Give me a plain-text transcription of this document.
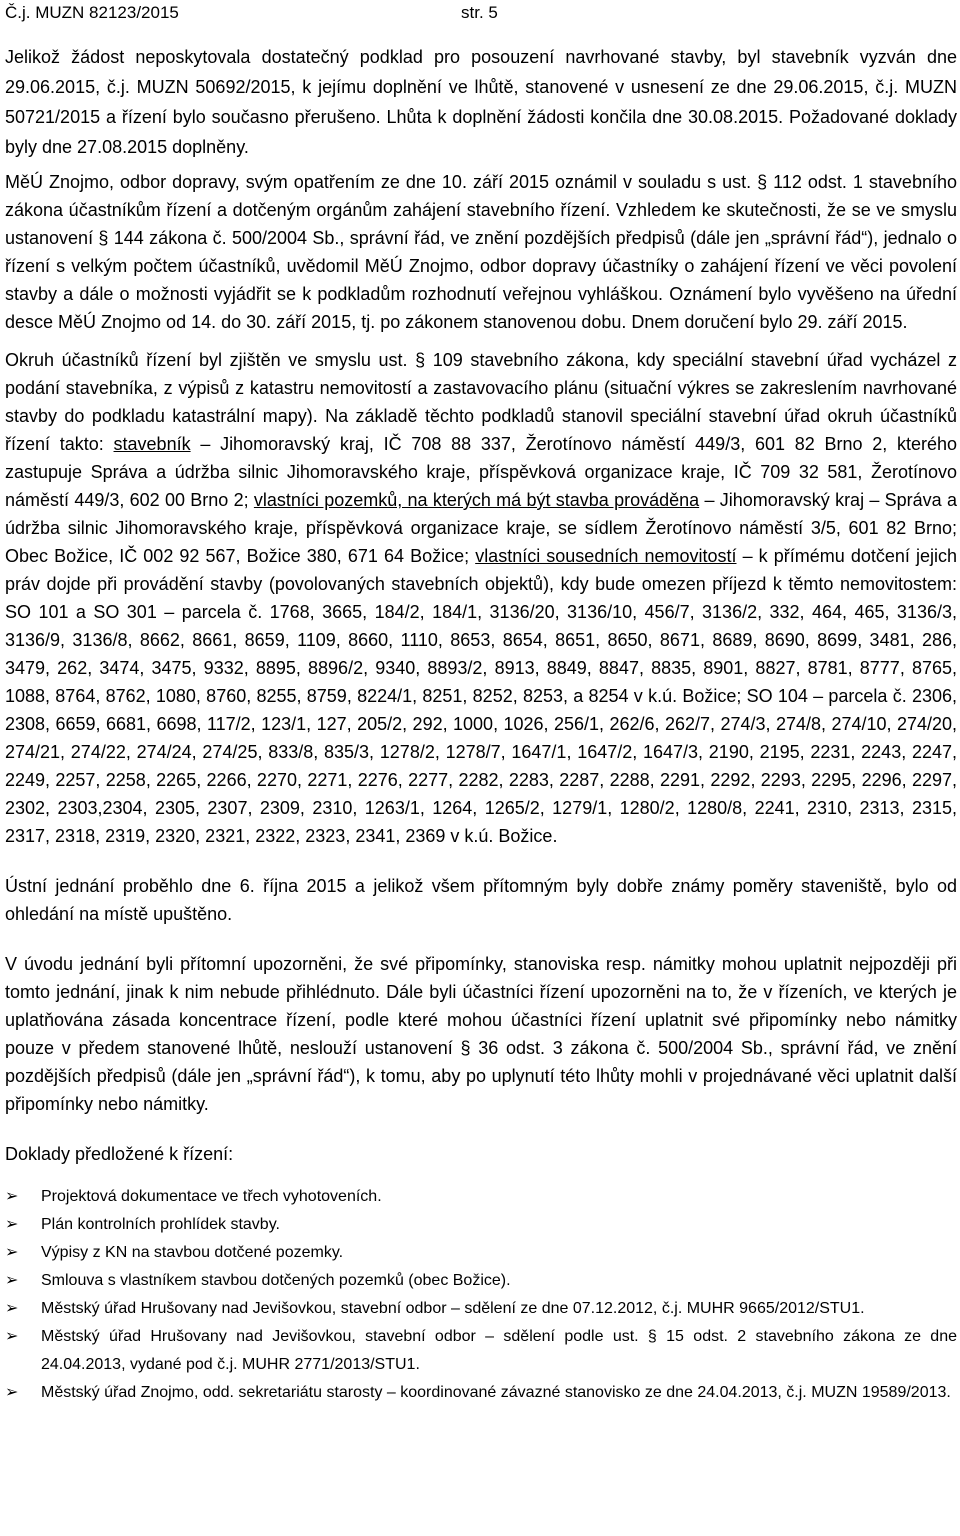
Č.j. MUZN 82123/2015	str. 5

Jelikož žádost neposkytovala dostatečný podklad pro posouzení navrhované stavby, byl stavebník vyzván dne 29.06.2015, č.j. MUZN 50692/2015, k jejímu doplnění ve lhůtě, stanovené v usnesení ze dne 29.06.2015, č.j. MUZN 50721/2015 a řízení bylo současno přerušeno. Lhůta k doplnění žádosti končila dne 30.08.2015. Požadované doklady byly dne 27.08.2015 doplněny.

MěÚ Znojmo, odbor dopravy, svým opatřením ze dne 10. září 2015 oznámil v souladu s ust. § 112 odst. 1 stavebního zákona účastníkům řízení a dotčeným orgánům zahájení stavebního řízení. Vzhledem ke skutečnosti, že se ve smyslu ustanovení § 144 zákona č. 500/2004 Sb., správní řád, ve znění pozdějších předpisů (dále jen „správní řád“), jednalo o řízení s velkým počtem účastníků, uvědomil MěÚ Znojmo, odbor dopravy účastníky o zahájení řízení ve věci povolení stavby a dále o možnosti vyjádřit se k podkladům rozhodnutí veřejnou vyhláškou. Oznámení bylo vyvěšeno na úřední desce MěÚ Znojmo od 14. do 30. září 2015, tj. po zákonem stanovenou dobu. Dnem doručení bylo 29. září 2015.

Okruh účastníků řízení byl zjištěn ve smyslu ust. § 109 stavebního zákona, kdy speciální stavební úřad vycházel z podání stavebníka, z výpisů z katastru nemovitostí a zastavovacího plánu (situační výkres se zakreslením navrhované stavby do podkladu katastrální mapy). Na základě těchto podkladů stanovil speciální stavební úřad okruh účastníků řízení takto: stavebník – Jihomoravský kraj, IČ 708 88 337, Žerotínovo náměstí 449/3, 601 82 Brno 2, kterého zastupuje Správa a údržba silnic Jihomoravského kraje, příspěvková organizace kraje, IČ 709 32 581, Žerotínovo náměstí 449/3, 602 00 Brno 2; vlastníci pozemků, na kterých má být stavba prováděna – Jihomoravský kraj – Správa a údržba silnic Jihomoravského kraje, příspěvková organizace kraje, se sídlem Žerotínovo náměstí 3/5, 601 82 Brno; Obec Božice, IČ 002 92 567, Božice 380, 671 64 Božice; vlastníci sousedních nemovitostí – k přímému dotčení jejich práv dojde při provádění stavby (povolovaných stavebních objektů), kdy bude omezen příjezd k těmto nemovitostem: SO 101 a SO 301 – parcela č. 1768, 3665, 184/2, 184/1, 3136/20, 3136/10, 456/7, 3136/2, 332, 464, 465, 3136/3, 3136/9, 3136/8, 8662, 8661, 8659, 1109, 8660, 1110, 8653, 8654, 8651, 8650, 8671, 8689, 8690, 8699, 3481, 286, 3479, 262, 3474, 3475, 9332, 8895, 8896/2, 9340, 8893/2, 8913, 8849, 8847, 8835, 8901, 8827, 8781, 8777, 8765, 1088, 8764, 8762, 1080, 8760, 8255, 8759, 8224/1, 8251, 8252, 8253, a 8254 v k.ú. Božice; SO 104 – parcela č. 2306, 2308, 6659, 6681, 6698, 117/2, 123/1, 127, 205/2, 292, 1000, 1026, 256/1, 262/6, 262/7, 274/3, 274/8, 274/10, 274/20, 274/21, 274/22, 274/24, 274/25, 833/8, 835/3, 1278/2, 1278/7, 1647/1, 1647/2, 1647/3, 2190, 2195, 2231, 2243, 2247, 2249, 2257, 2258, 2265, 2266, 2270, 2271, 2276, 2277, 2282, 2283, 2287, 2288, 2291, 2292, 2293, 2295, 2296, 2297, 2302, 2303,2304, 2305, 2307, 2309, 2310, 1263/1, 1264, 1265/2, 1279/1, 1280/2, 1280/8, 2241, 2310, 2313, 2315, 2317, 2318, 2319, 2320, 2321, 2322, 2323, 2341, 2369 v k.ú. Božice.

Ústní jednání proběhlo dne 6. října 2015 a jelikož všem přítomným byly dobře známy poměry staveniště, bylo od ohledání na místě upuštěno.

V úvodu jednání byli přítomní upozorněni, že své připomínky, stanoviska resp. námitky mohou uplatnit nejpozději při tomto jednání, jinak k nim nebude přihlédnuto. Dále byli účastníci řízení upozorněni na to, že v řízeních, ve kterých je uplatňována zásada koncentrace řízení, podle které mohou účastníci řízení uplatnit své připomínky nebo námitky pouze v předem stanovené lhůtě, neslouží ustanovení § 36 odst. 3 zákona č. 500/2004 Sb., správní řád, ve znění pozdějších předpisů (dále jen „správní řád“), k tomu, aby po uplynutí této lhůty mohli v projednávané věci uplatnit další připomínky nebo námitky.

Doklady předložené k řízení:

➢ Projektová dokumentace ve třech vyhotoveních.
➢ Plán kontrolních prohlídek stavby.
➢ Výpisy z KN na stavbou dotčené pozemky.
➢ Smlouva s vlastníkem stavbou dotčených pozemků (obec Božice).
➢ Městský úřad Hrušovany nad Jevišovkou, stavební odbor – sdělení ze dne 07.12.2012, č.j. MUHR 9665/2012/STU1.
➢ Městský úřad Hrušovany nad Jevišovkou, stavební odbor – sdělení podle ust. § 15 odst. 2 stavebního zákona ze dne 24.04.2013, vydané pod č.j. MUHR 2771/2013/STU1.
➢ Městský úřad Znojmo, odd. sekretariátu starosty – koordinované závazné stanovisko ze dne 24.04.2013, č.j. MUZN 19589/2013.
